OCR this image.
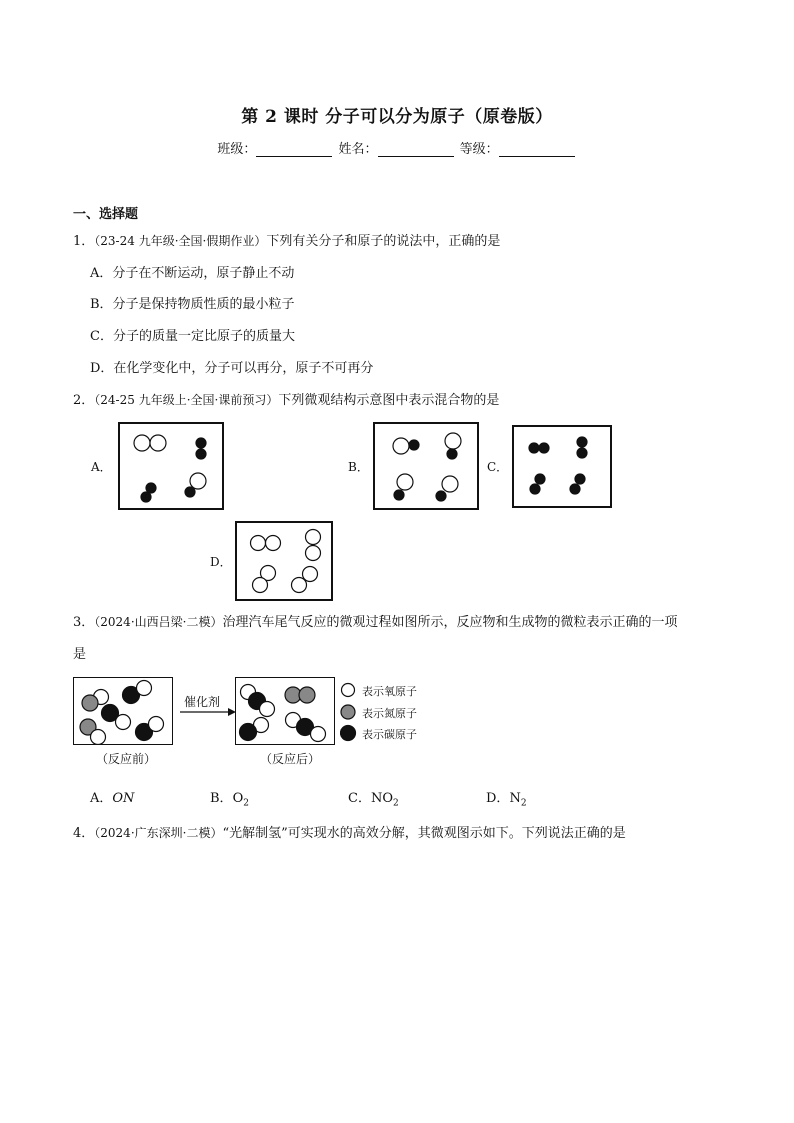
第 2 课时 分子可以分为原子（原卷版）
班级：	姓名：	等级：
一、选择题
1．（23-24 九年级·全国·假期作业）下列有关分子和原子的说法中，正确的是
A．分子在不断运动，原子静止不动
B．分子是保持物质性质的最小粒子
C．分子的质量一定比原子的质量大
D．在化学变化中，分子可以再分，原子不可再分
2．（24-25 九年级上·全国·课前预习）下列微观结构示意图中表示混合物的是
A．	B．	C．
D．
3．（2024·山西吕梁·二模）治理汽车尾气反应的微观过程如图所示，反应物和生成物的微粒表示正确的一项
是
（反应前）
催化剂
（反应后）
表示氧原子
表示氮原子
表示碳原子
A．ON	B．$O_2$	C．$NO_2$	D．$N_2$
4．（2024·广东深圳·二模）“光解制氢”可实现水的高效分解，其微观图示如下。下列说法正确的是
